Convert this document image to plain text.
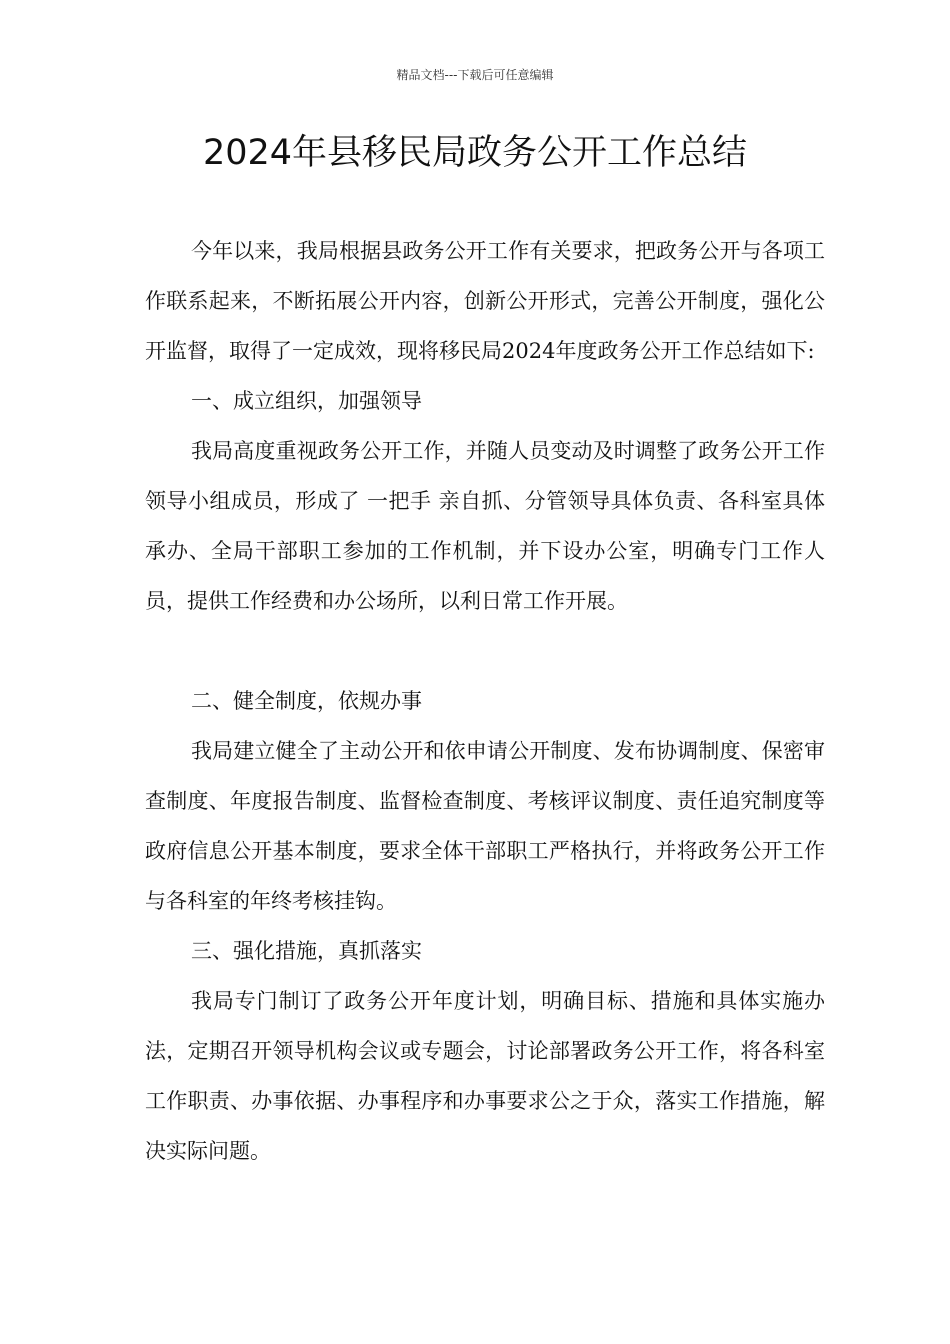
精品文档---下载后可任意编辑
2024年县移民局政务公开工作总结

今年以来，我局根据县政务公开工作有关要求，把政务公开与各项工作联系起来，不断拓展公开内容，创新公开形式，完善公开制度，强化公开监督，取得了一定成效，现将移民局2024年度政务公开工作总结如下:

一、成立组织，加强领导

我局高度重视政务公开工作，并随人员变动及时调整了政务公开工作领导小组成员，形成了 一把手 亲自抓、分管领导具体负责、各科室具体承办、全局干部职工参加的工作机制，并下设办公室，明确专门工作人员，提供工作经费和办公场所，以利日常工作开展。

二、健全制度，依规办事

我局建立健全了主动公开和依申请公开制度、发布协调制度、保密审查制度、年度报告制度、监督检查制度、考核评议制度、责任追究制度等政府信息公开基本制度，要求全体干部职工严格执行，并将政务公开工作与各科室的年终考核挂钩。

三、强化措施，真抓落实

我局专门制订了政务公开年度计划，明确目标、措施和具体实施办法，定期召开领导机构会议或专题会，讨论部署政务公开工作，将各科室工作职责、办事依据、办事程序和办事要求公之于众，落实工作措施，解决实际问题。
